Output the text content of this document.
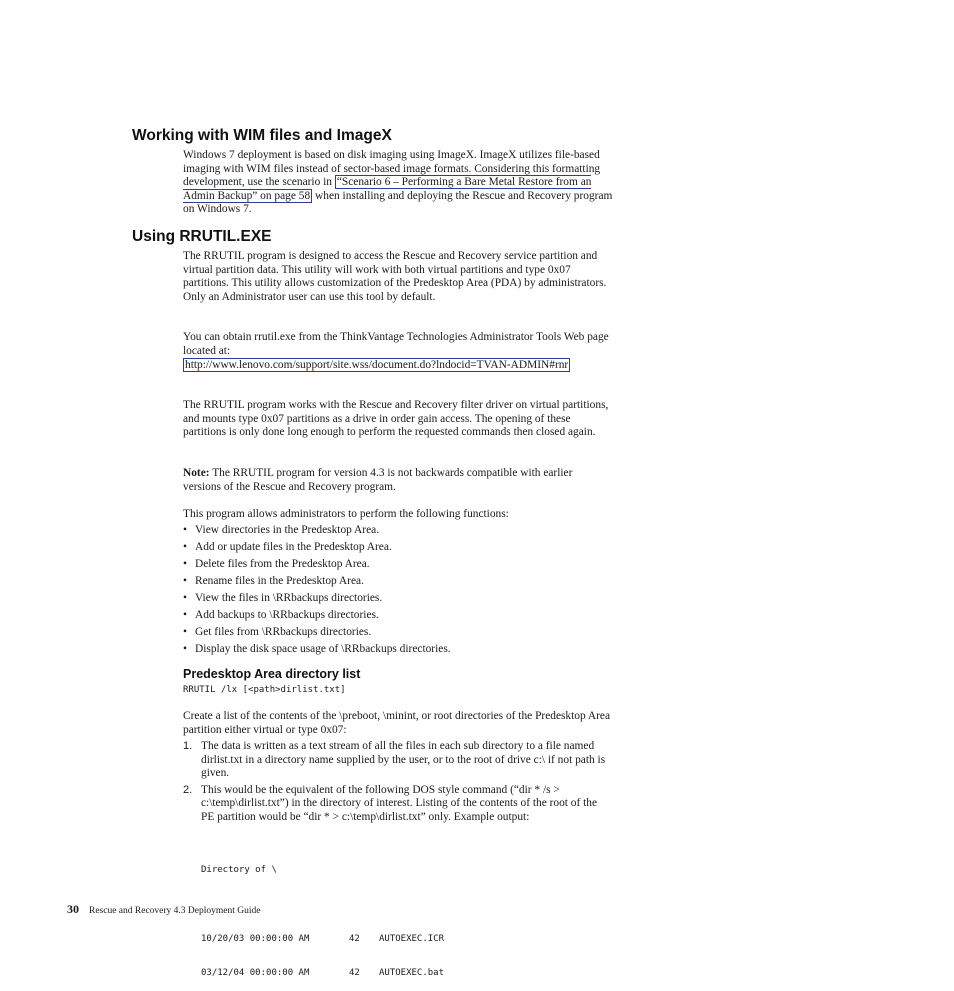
Working with WIM files and ImageX

Windows 7 deployment is based on disk imaging using ImageX. ImageX utilizes file-based imaging with WIM files instead of sector-based image formats. Considering this formatting development, use the scenario in “Scenario 6 – Performing a Bare Metal Restore from an Admin Backup” on page 58 when installing and deploying the Rescue and Recovery program on Windows 7.

Using RRUTIL.EXE

The RRUTIL program is designed to access the Rescue and Recovery service partition and virtual partition data. This utility will work with both virtual partitions and type 0x07 partitions. This utility allows customization of the Predesktop Area (PDA) by administrators. Only an Administrator user can use this tool by default.

You can obtain rrutil.exe from the ThinkVantage Technologies Administrator Tools Web page located at:

http://www.lenovo.com/support/site.wss/document.do?lndocid=TVAN-ADMIN#rnr

The RRUTIL program works with the Rescue and Recovery filter driver on virtual partitions, and mounts type 0x07 partitions as a drive in order gain access. The opening of these partitions is only done long enough to perform the requested commands then closed again.

Note: The RRUTIL program for version 4.3 is not backwards compatible with earlier versions of the Rescue and Recovery program.

This program allows administrators to perform the following functions:

• View directories in the Predesktop Area.
• Add or update files in the Predesktop Area.
• Delete files from the Predesktop Area.
• Rename files in the Predesktop Area.
• View the files in \RRbackups directories.
• Add backups to \RRbackups directories.
• Get files from \RRbackups directories.
• Display the disk space usage of \RRbackups directories.
Predesktop Area directory list
RRUTIL /lx [<path>dirlist.txt]

Create a list of the contents of the \preboot, \minint, or root directories of the Predesktop Area partition either virtual or type 0x07:

1. The data is written as a text stream of all the files in each sub directory to a file named dirlist.txt in a directory name supplied by the user, or to the root of drive c:\ if not path is given.
2. This would be the equivalent of the following DOS style command (“dir * /s > c:\temp\dirlist.txt”) in the directory of interest. Listing of the contents of the root of the PE partition would be “dir * > c:\temp\dirlist.txt” only. Example output:

Directory of \

10/20/03 00:00:00 AM	42 AUTOEXEC.ICR

03/12/04 00:00:00 AM	42 AUTOEXEC.bat

30 Rescue and Recovery 4.3 Deployment Guide
